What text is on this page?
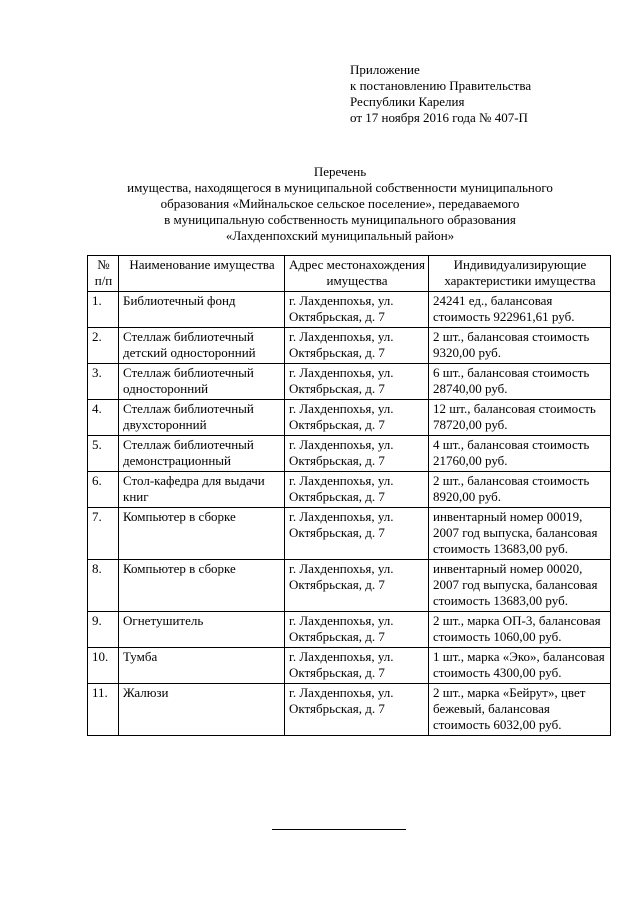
Приложение
к постановлению Правительства
Республики Карелия
от 17 ноября 2016 года № 407-П
Перечень
имущества, находящегося в муниципальной собственности муниципального
образования «Мийнальское сельское поселение», передаваемого
в муниципальную собственность муниципального образования
«Лахденпохский муниципальный район»
№ п/п	Наименование имущества	Адрес местонахождения имущества	Индивидуализирующие характеристики имущества
1.	Библиотечный фонд	г. Лахденпохья, ул. Октябрьская, д. 7	24241 ед., балансовая стоимость 922961,61 руб.
2.	Стеллаж библиотечный детский односторонний	г. Лахденпохья, ул. Октябрьская, д. 7	2 шт., балансовая стоимость 9320,00 руб.
3.	Стеллаж библиотечный односторонний	г. Лахденпохья, ул. Октябрьская, д. 7	6 шт., балансовая стоимость 28740,00 руб.
4.	Стеллаж библиотечный двухсторонний	г. Лахденпохья, ул. Октябрьская, д. 7	12 шт., балансовая стоимость 78720,00 руб.
5.	Стеллаж библиотечный демонстрационный	г. Лахденпохья, ул. Октябрьская, д. 7	4 шт., балансовая стоимость 21760,00 руб.
6.	Стол-кафедра для выдачи книг	г. Лахденпохья, ул. Октябрьская, д. 7	2 шт., балансовая стоимость 8920,00 руб.
7.	Компьютер в сборке	г. Лахденпохья, ул. Октябрьская, д. 7	инвентарный номер 00019, 2007 год выпуска, балансовая стоимость 13683,00 руб.
8.	Компьютер в сборке	г. Лахденпохья, ул. Октябрьская, д. 7	инвентарный номер 00020, 2007 год выпуска, балансовая стоимость 13683,00 руб.
9.	Огнетушитель	г. Лахденпохья, ул. Октябрьская, д. 7	2 шт., марка ОП-3, балансовая стоимость 1060,00 руб.
10.	Тумба	г. Лахденпохья, ул. Октябрьская, д. 7	1 шт., марка «Эко», балансовая стоимость 4300,00 руб.
11.	Жалюзи	г. Лахденпохья, ул. Октябрьская, д. 7	2 шт., марка «Бейрут», цвет бежевый, балансовая стоимость 6032,00 руб.
